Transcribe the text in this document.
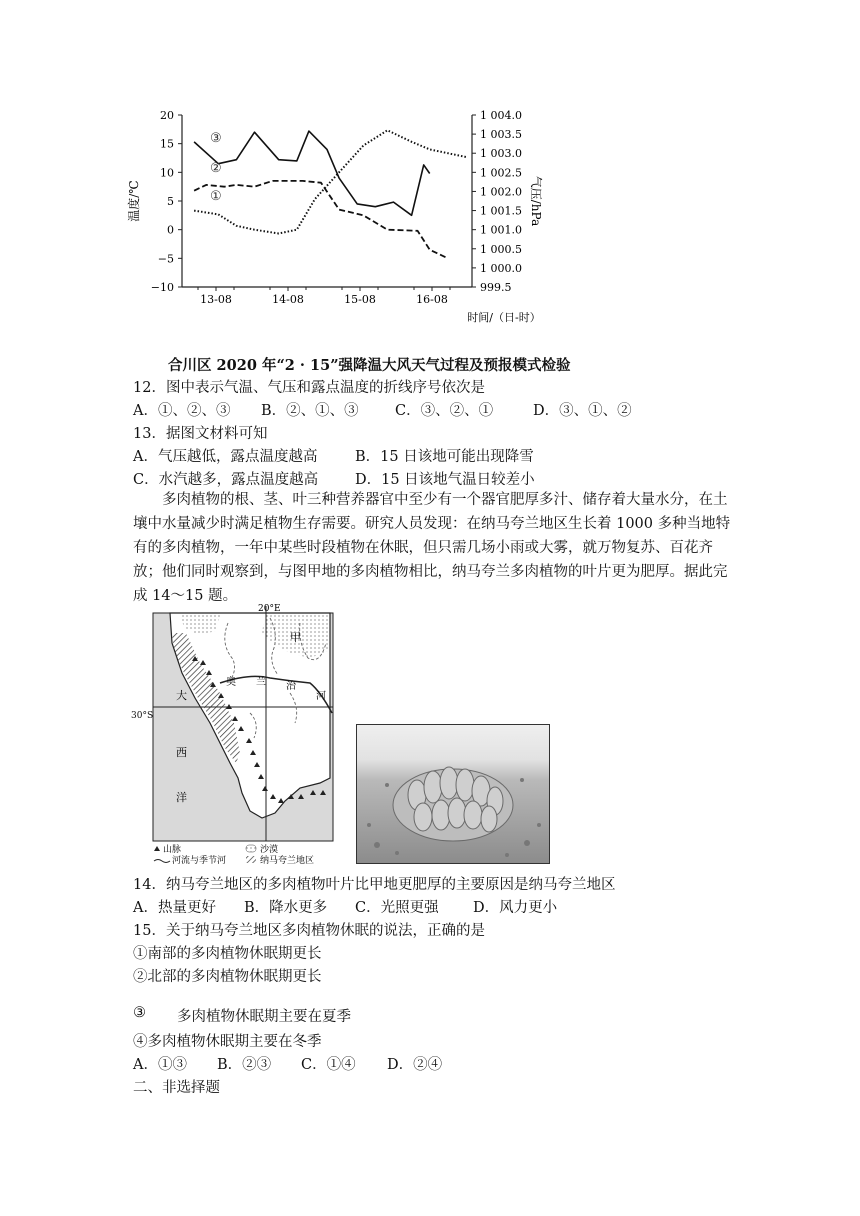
20
15
10
5
0
−5
−10
1 004.0
1 003.5
1 003.0
1 002.5
1 002.0
1 001.5
1 001.0
1 000.5
1 000.0
999.5
13-08	14-08	15-08	16-08
温度/℃	气压/hPa
时间/（日-时）
③
②
①
合川区 2020 年“2 · 15”强降温大风天气过程及预报模式检验
12．图中表示气温、气压和露点温度的折线序号依次是
A．①、②、③ B．②、①、③	C．③、②、①	D．③、①、②
13．据图文材料可知
A．气压越低，露点温度越高	B．15 日该地可能出现降雪
C．水汽越多，露点温度越高	D．15 日该地气温日较差小
多肉植物的根、茎、叶三种营养器官中至少有一个器官肥厚多汁、储存着大量水分，在土壤中水量减少时满足植物生存需要。研究人员发现：在纳马夸兰地区生长着 1000 多种当地特有的多肉植物，一年中某些时段植物在休眠，但只需几场小雨或大雾，就万物复苏、百花齐放；他们同时观察到，与图甲地的多肉植物相比，纳马夸兰多肉植物的叶片更为肥厚。据此完成 14～15 题。
甲
20°E
奥 兰 治
河
大
西
洋
山脉	沙漠
河流与季节河	纳马夸兰地区
30°S
14．纳马夸兰地区的多肉植物叶片比甲地更肥厚的主要原因是纳马夸兰地区
A．热量更好 B．降水更多 C．光照更强 D．风力更小
15．关于纳马夸兰地区多肉植物休眠的说法，正确的是
①南部的多肉植物休眠期更长
②北部的多肉植物休眠期更长
③ 多肉植物休眠期主要在夏季
④多肉植物休眠期主要在冬季
A．①③ B．②③ C．①④ D．②④
二、非选择题
